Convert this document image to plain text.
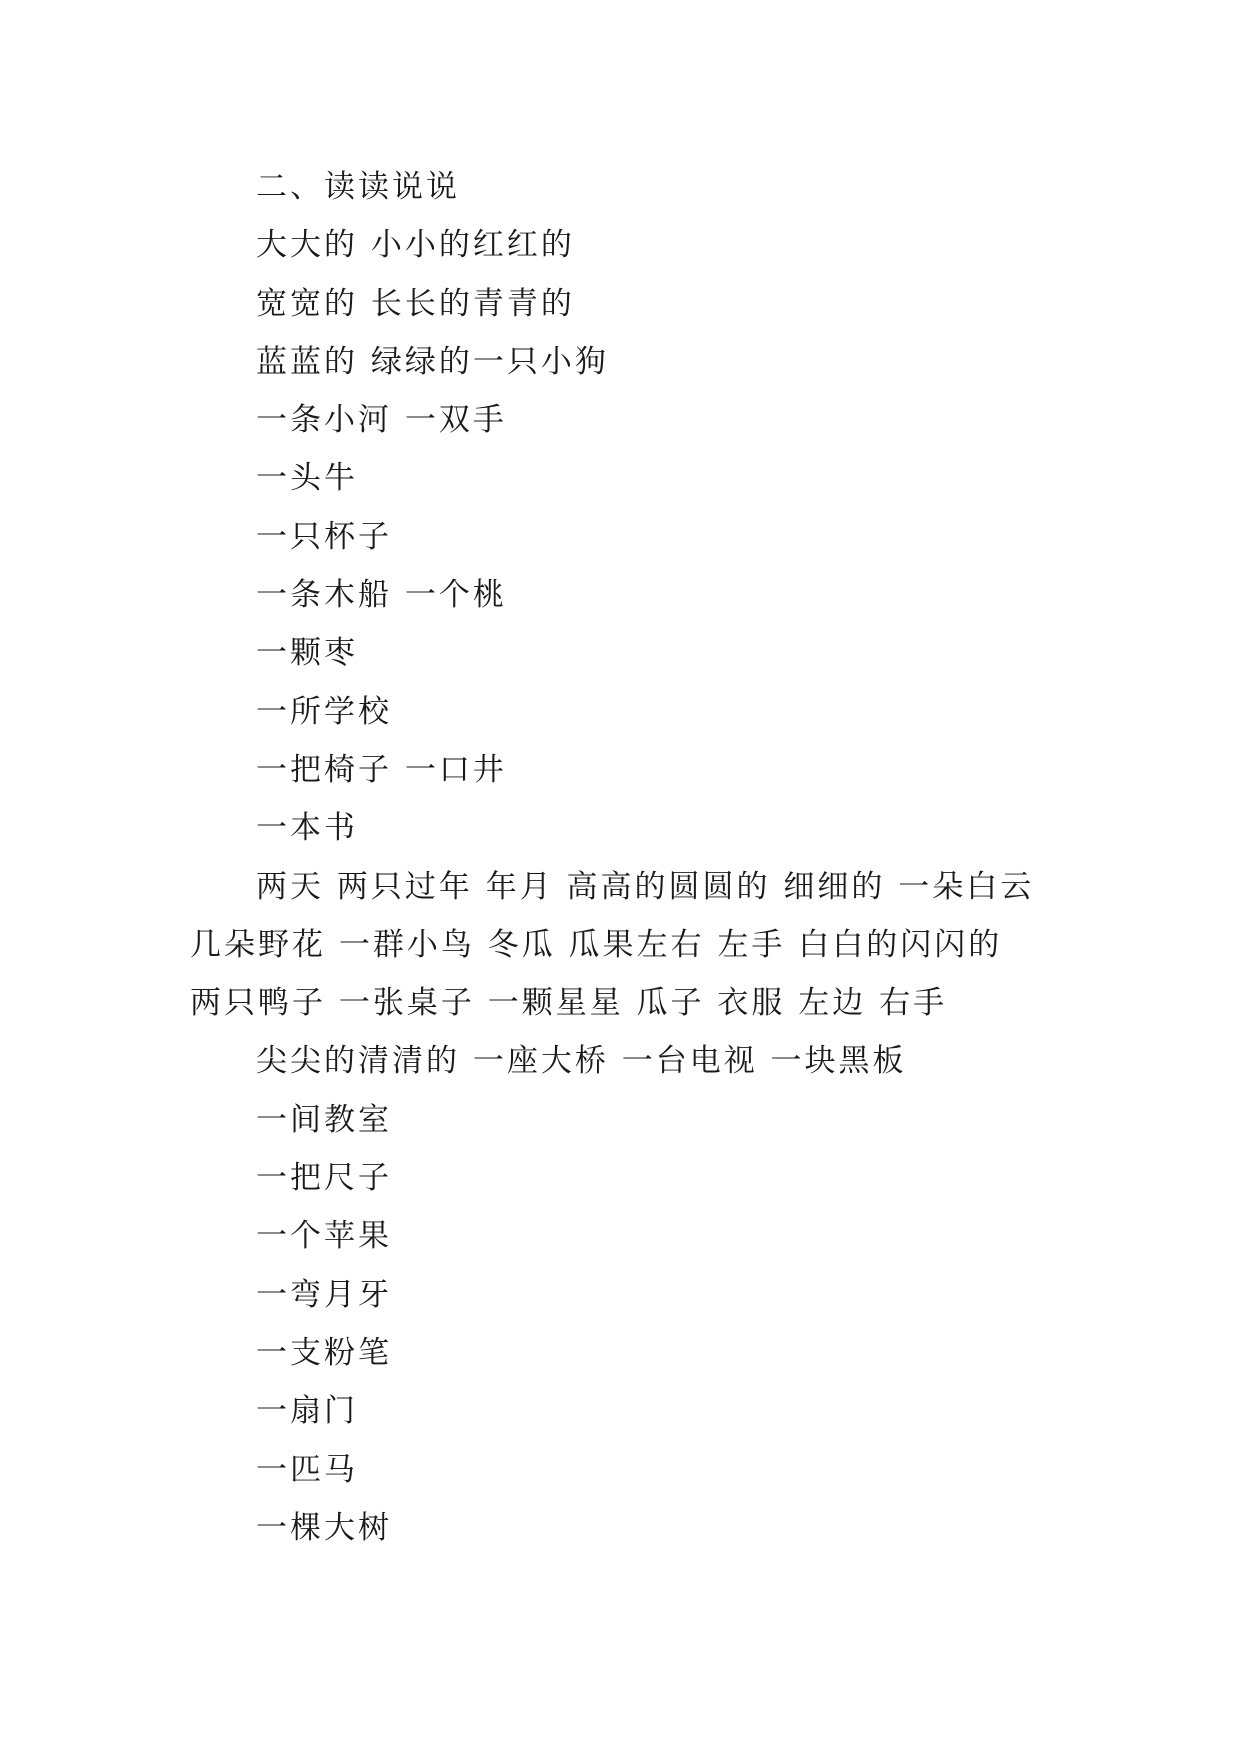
二、读读说说
大大的 小小的红红的
宽宽的 长长的青青的
蓝蓝的 绿绿的一只小狗
一条小河 一双手
一头牛
一只杯子
一条木船 一个桃
一颗枣
一所学校
一把椅子 一口井
一本书
两天 两只过年 年月 高高的圆圆的 细细的 一朵白云
几朵野花 一群小鸟 冬瓜 瓜果左右 左手 白白的闪闪的
两只鸭子 一张桌子 一颗星星 瓜子 衣服 左边 右手
尖尖的清清的 一座大桥 一台电视 一块黑板
一间教室
一把尺子
一个苹果
一弯月牙
一支粉笔
一扇门
一匹马
一棵大树
